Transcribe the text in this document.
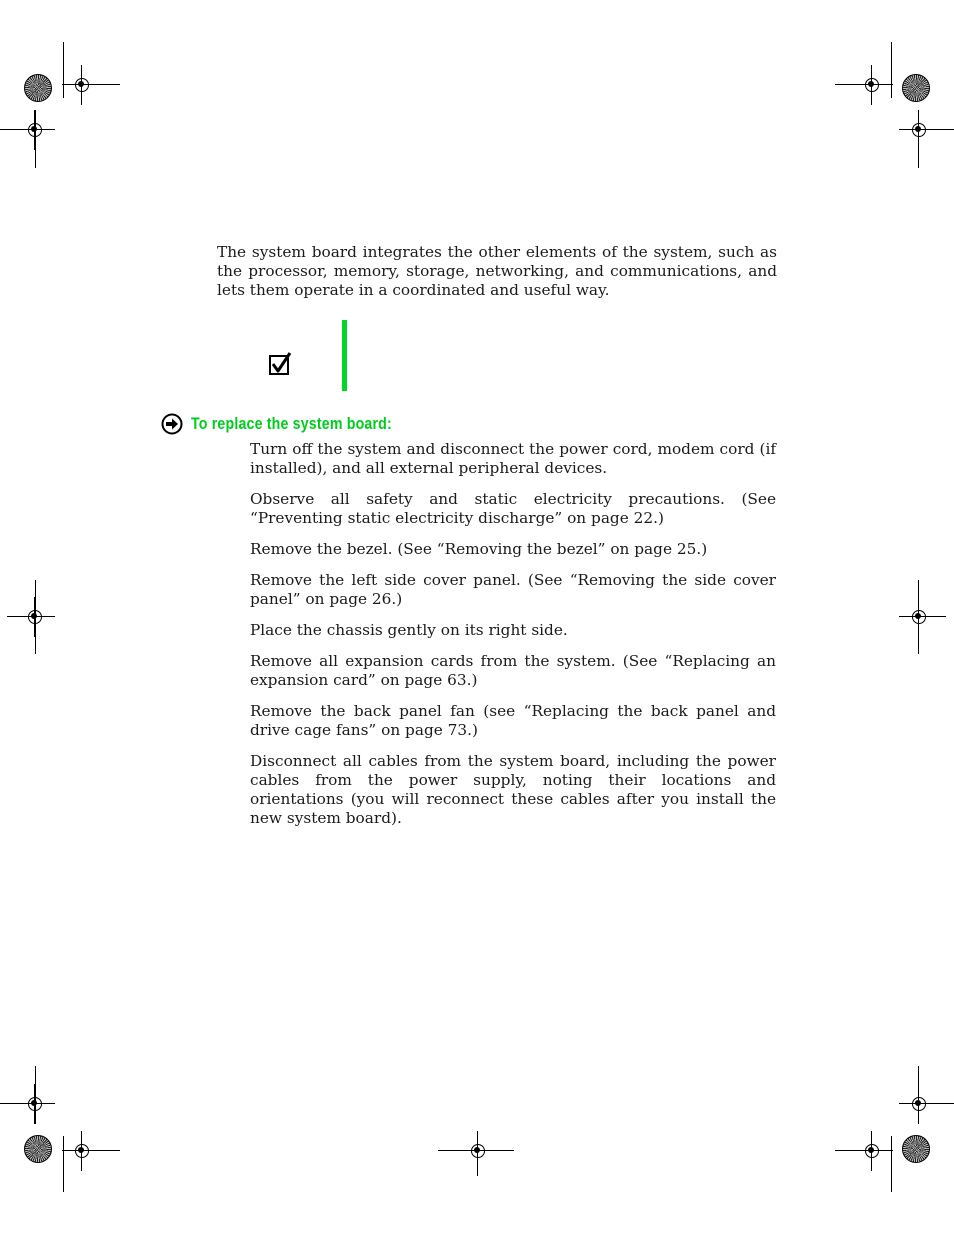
The system board integrates the other elements of the system, such as the processor, memory, storage, networking, and communications, and lets them operate in a coordinated and useful way.

To replace the system board:

Turn off the system and disconnect the power cord, modem cord (if installed), and all external peripheral devices.

Observe all safety and static electricity precautions. (See “Preventing static electricity discharge” on page 22.)

Remove the bezel. (See “Removing the bezel” on page 25.)

Remove the left side cover panel. (See “Removing the side cover panel” on page 26.)

Place the chassis gently on its right side.

Remove all expansion cards from the system. (See “Replacing an expansion card” on page 63.)

Remove the back panel fan (see “Replacing the back panel and drive cage fans” on page 73.)

Disconnect all cables from the system board, including the power cables from the power supply, noting their locations and orientations (you will reconnect these cables after you install the new system board).
